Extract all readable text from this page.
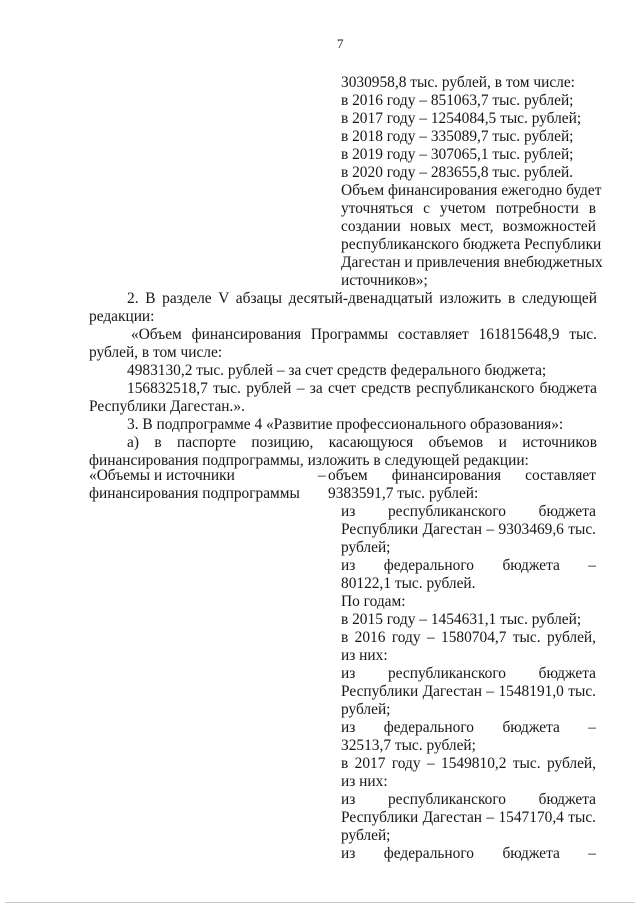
7
3030958,8 тыс. рублей, в том числе:
в 2016 году – 851063,7 тыс. рублей;
в 2017 году – 1254084,5 тыс. рублей;
в 2018 году – 335089,7 тыс. рублей;
в 2019 году – 307065,1 тыс. рублей;
в 2020 году – 283655,8 тыс. рублей.
Объем финансирования ежегодно будет
уточняться с учетом потребности в
создании новых мест, возможностей
республиканского бюджета Республики
Дагестан и привлечения внебюджетных
источников»;
2. В разделе V абзацы десятый-двенадцатый изложить в следующей
редакции:
«Объем финансирования Программы составляет 161815648,9 тыс.
рублей, в том числе:
4983130,2 тыс. рублей – за счет средств федерального бюджета;
156832518,7 тыс. рублей – за счет средств республиканского бюджета
Республики Дагестан.».
3. В подпрограмме 4 «Развитие профессионального образования»:
а) в паспорте позицию, касающуюся объемов и источников
финансирования подпрограммы, изложить в следующей редакции:
«Объемы и источники
финансирования подпрограммы
– объем финансирования составляет
9383591,7 тыс. рублей:
из республиканского бюджета
Республики Дагестан – 9303469,6 тыс.
рублей;
из федерального бюджета –
80122,1 тыс. рублей.
По годам:
в 2015 году – 1454631,1 тыс. рублей;
в 2016 году – 1580704,7 тыс. рублей,
из них:
из республиканского бюджета
Республики Дагестан – 1548191,0 тыс.
рублей;
из федерального бюджета –
32513,7 тыс. рублей;
в 2017 году – 1549810,2 тыс. рублей,
из них:
из республиканского бюджета
Республики Дагестан – 1547170,4 тыс.
рублей;
из федерального бюджета –
